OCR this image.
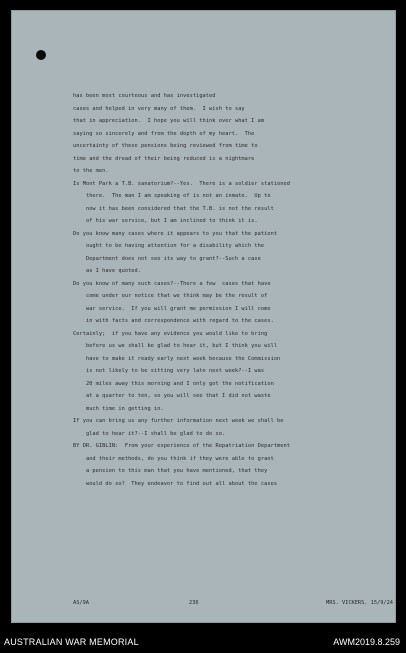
has been most courteous and has investigated
cases and helped in very many of them.  I wish to say
that in appreciation.  I hope you will think over what I am
saying so sincerely and from the depth of my heart.  The
uncertainty of these pensions being reviewed from time to
time and the dread of their being reduced is a nightmare
to the men.
Is Mont Park a T.B. sanatorium?--Yes.  There is a soldier stationed
there.  The man I am speaking of is not an inmate.  Up to
now it has been considered that the T.B. is not the result
of his war service, but I am inclined to think it is.
Do you know many cases where it appears to you that the patient
ought to be having attention for a disability which the
Department does not see its way to grant?--Such a case
as I have quoted.
Do you know of many such cases?--There a few  cases that have
come under our notice that we think may be the result of
war service.  If you will grant me permission I will come
in with facts and correspondence with regard to the cases.
Certainly;  if you have any evidence you would like to bring
before us we shall be glad to hear it, but I think you will
have to make it ready early next week because the Commission
is not likely to be sitting very late next week?--I was
20 miles away this morning and I only got the notification
at a quarter to ten, so you will see that I did not waste
much time in getting in.
If you can bring us any further information next week we shall be
glad to hear it?--I shall be glad to do so.
BY DR. GIBLIN:  From your experience of the Repatriation Department
and their methods, do you think if they were able to grant
a pension to this man that you have mentioned, that they
would do so?  They endeavor to find out all about the cases
AS/9A	236	MRS. VICKERS. 15/9/24
AUSTRALIAN WAR MEMORIAL	AWM2019.8.259
